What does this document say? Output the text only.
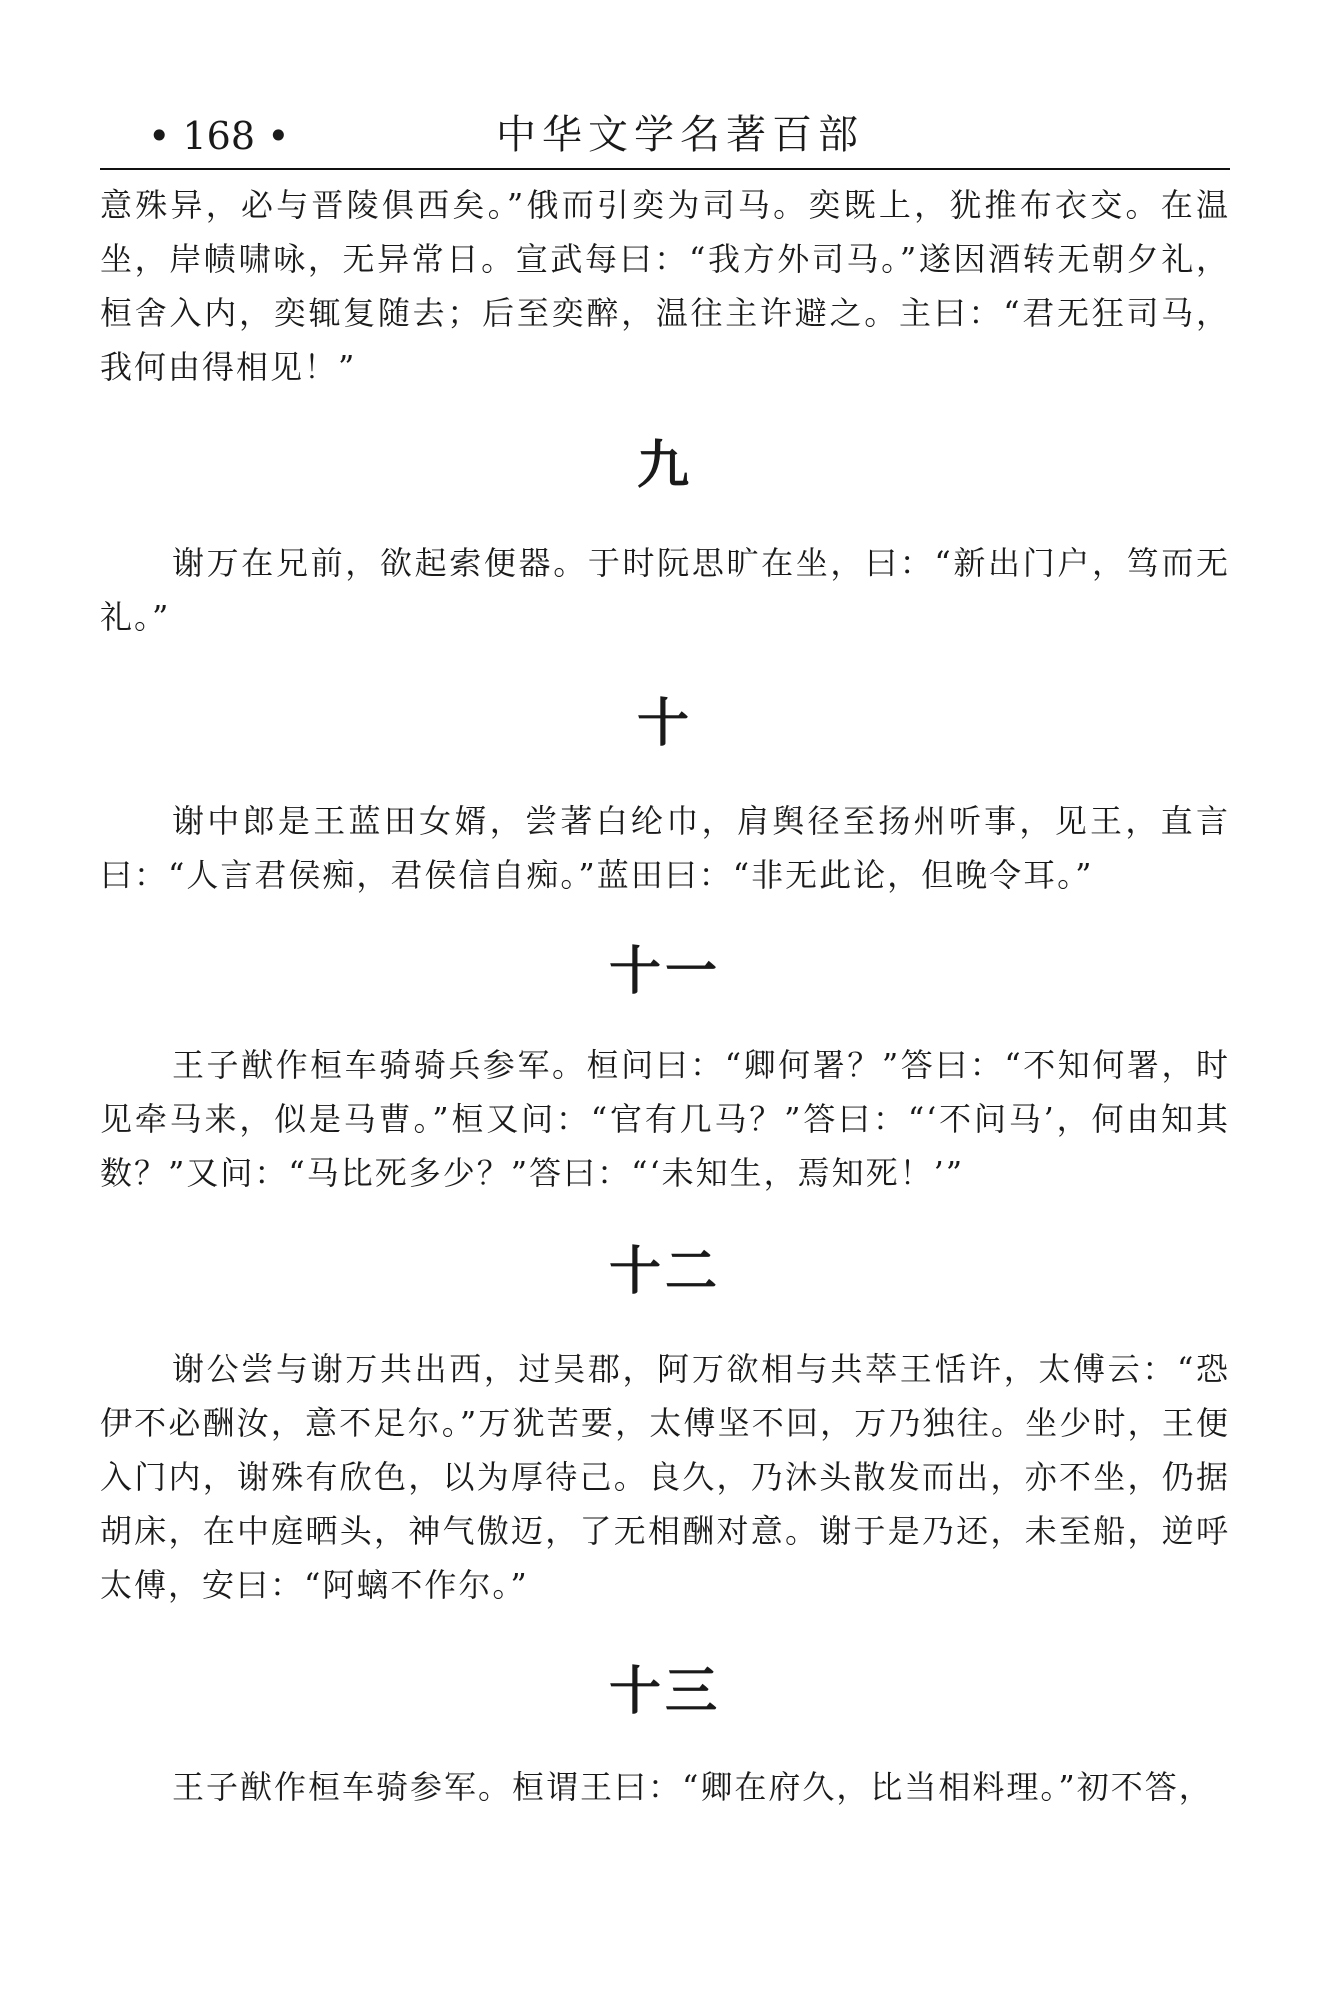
• 168 •	中华文学名著百部

意殊异，必与晋陵俱西矣。”俄而引奕为司马。奕既上，犹推布衣交。在温坐，岸帻啸咏，无异常日。宣武每曰：“我方外司马。”遂因酒转无朝夕礼，桓舍入内，奕辄复随去；后至奕醉，温往主许避之。主曰：“君无狂司马，我何由得相见！”

九

谢万在兄前，欲起索便器。于时阮思旷在坐，曰：“新出门户，笃而无礼。”

十

谢中郎是王蓝田女婿，尝著白纶巾，肩舆径至扬州听事，见王，直言曰：“人言君侯痴，君侯信自痴。”蓝田曰：“非无此论，但晚令耳。”

十一

王子猷作桓车骑骑兵参军。桓问曰：“卿何署？”答曰：“不知何署，时见牵马来，似是马曹。”桓又问：“官有几马？”答曰：“‘不问马’，何由知其数？”又问：“马比死多少？”答曰：“‘未知生，焉知死！’”

十二

谢公尝与谢万共出西，过吴郡，阿万欲相与共萃王恬许，太傅云：“恐伊不必酬汝，意不足尔。”万犹苦要，太傅坚不回，万乃独往。坐少时，王便入门内，谢殊有欣色，以为厚待己。良久，乃沐头散发而出，亦不坐，仍据胡床，在中庭晒头，神气傲迈，了无相酬对意。谢于是乃还，未至船，逆呼太傅，安曰：“阿螭不作尔。”

十三

王子猷作桓车骑参军。桓谓王曰：“卿在府久，比当相料理。”初不答，
